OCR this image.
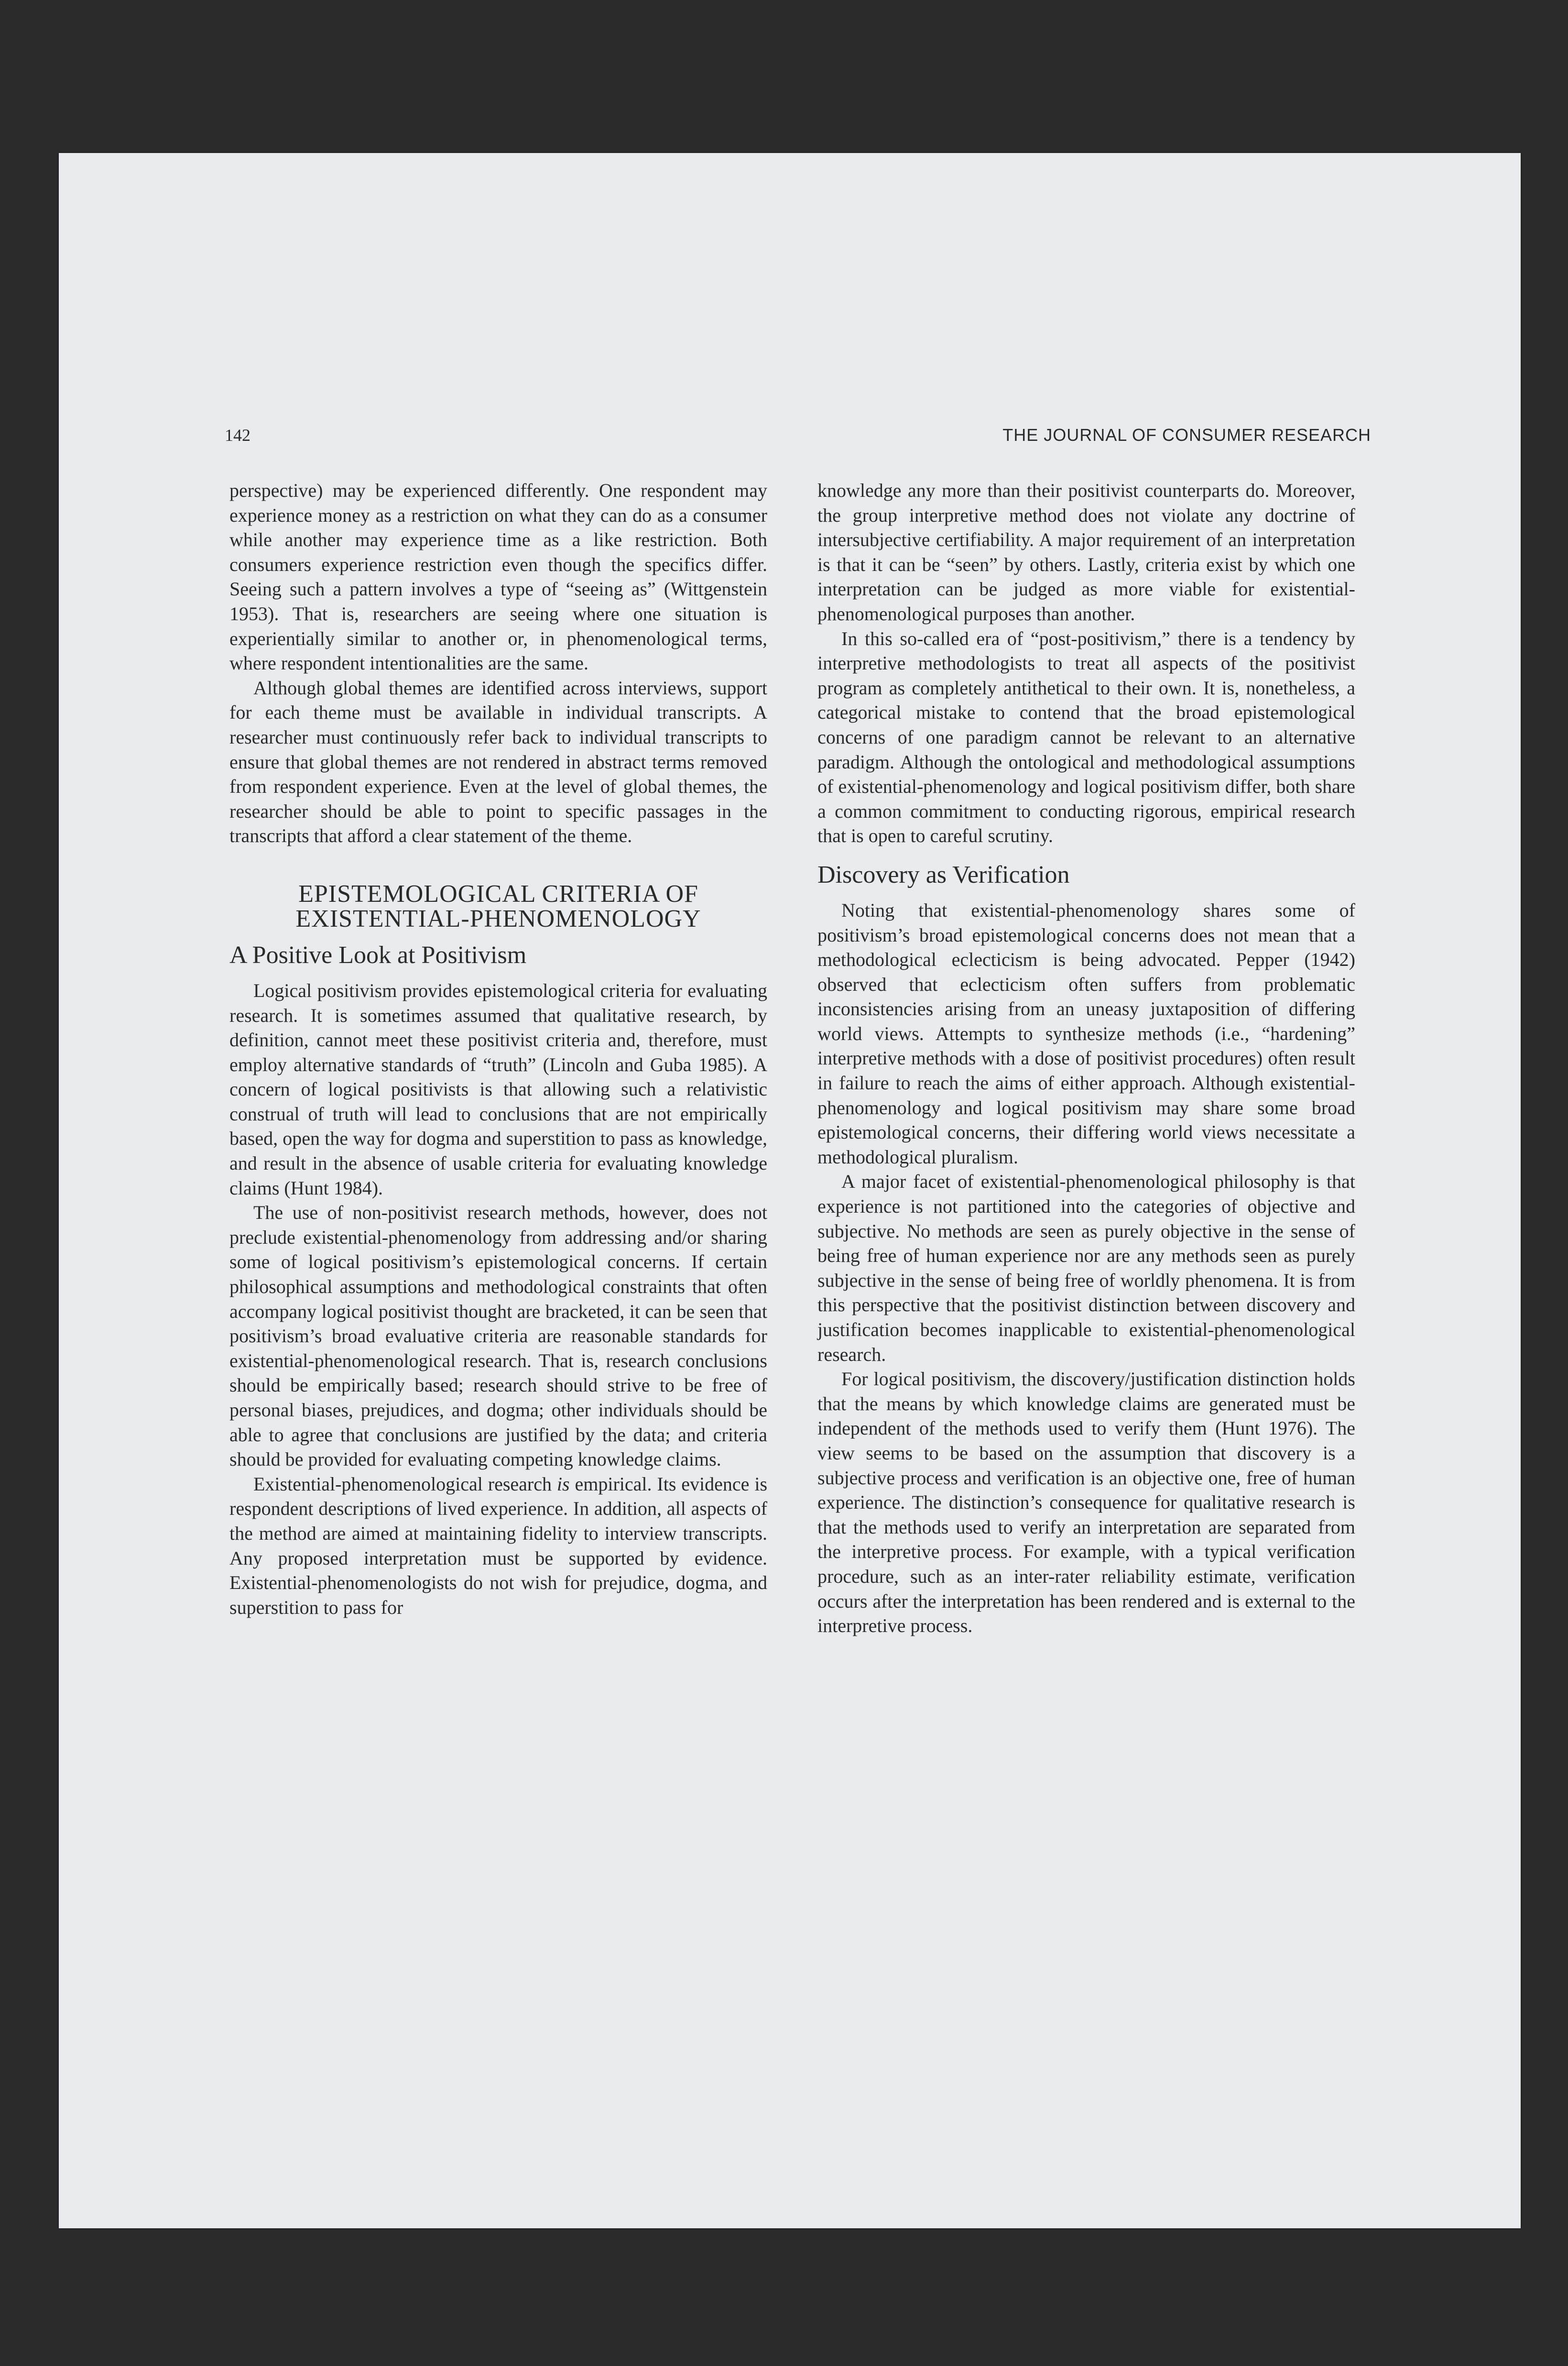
142	THE JOURNAL OF CONSUMER RESEARCH

perspective) may be experienced differently. One respondent may experience money as a restriction on what they can do as a consumer while another may experience time as a like restriction. Both consumers experience restriction even though the specifics differ. Seeing such a pattern involves a type of “seeing as” (Wittgenstein 1953). That is, researchers are seeing where one situation is experientially similar to another or, in phenomenological terms, where respondent intentionalities are the same.

Although global themes are identified across interviews, support for each theme must be available in individual transcripts. A researcher must continuously refer back to individual transcripts to ensure that global themes are not rendered in abstract terms removed from respondent experience. Even at the level of global themes, the researcher should be able to point to specific passages in the transcripts that afford a clear statement of the theme.

EPISTEMOLOGICAL CRITERIA OF
EXISTENTIAL-PHENOMENOLOGY
A Positive Look at Positivism

Logical positivism provides epistemological criteria for evaluating research. It is sometimes assumed that qualitative research, by definition, cannot meet these positivist criteria and, therefore, must employ alternative standards of “truth” (Lincoln and Guba 1985). A concern of logical positivists is that allowing such a relativistic construal of truth will lead to conclusions that are not empirically based, open the way for dogma and superstition to pass as knowledge, and result in the absence of usable criteria for evaluating knowledge claims (Hunt 1984).

The use of non-positivist research methods, however, does not preclude existential-phenomenology from addressing and/or sharing some of logical positivism’s epistemological concerns. If certain philosophical assumptions and methodological constraints that often accompany logical positivist thought are bracketed, it can be seen that positivism’s broad evaluative criteria are reasonable standards for existential-phenomenological research. That is, research conclusions should be empirically based; research should strive to be free of personal biases, prejudices, and dogma; other individuals should be able to agree that conclusions are justified by the data; and criteria should be provided for evaluating competing knowledge claims.

Existential-phenomenological research is empirical. Its evidence is respondent descriptions of lived experience. In addition, all aspects of the method are aimed at maintaining fidelity to interview transcripts. Any proposed interpretation must be supported by evidence. Existential-phenomenologists do not wish for prejudice, dogma, and superstition to pass for

knowledge any more than their positivist counterparts do. Moreover, the group interpretive method does not violate any doctrine of intersubjective certifiability. A major requirement of an interpretation is that it can be “seen” by others. Lastly, criteria exist by which one interpretation can be judged as more viable for existential-phenomenological purposes than another.

In this so-called era of “post-positivism,” there is a tendency by interpretive methodologists to treat all aspects of the positivist program as completely antithetical to their own. It is, nonetheless, a categorical mistake to contend that the broad epistemological concerns of one paradigm cannot be relevant to an alternative paradigm. Although the ontological and methodological assumptions of existential-phenomenology and logical positivism differ, both share a common commitment to conducting rigorous, empirical research that is open to careful scrutiny.

Discovery as Verification

Noting that existential-phenomenology shares some of positivism’s broad epistemological concerns does not mean that a methodological eclecticism is being advocated. Pepper (1942) observed that eclecticism often suffers from problematic inconsistencies arising from an uneasy juxtaposition of differing world views. Attempts to synthesize methods (i.e., “hardening” interpretive methods with a dose of positivist procedures) often result in failure to reach the aims of either approach. Although existential-phenomenology and logical positivism may share some broad epistemological concerns, their differing world views necessitate a methodological pluralism.

A major facet of existential-phenomenological philosophy is that experience is not partitioned into the categories of objective and subjective. No methods are seen as purely objective in the sense of being free of human experience nor are any methods seen as purely subjective in the sense of being free of worldly phenomena. It is from this perspective that the positivist distinction between discovery and justification becomes inapplicable to existential-phenomenological research.

For logical positivism, the discovery/justification distinction holds that the means by which knowledge claims are generated must be independent of the methods used to verify them (Hunt 1976). The view seems to be based on the assumption that discovery is a subjective process and verification is an objective one, free of human experience. The distinction’s consequence for qualitative research is that the methods used to verify an interpretation are separated from the interpretive process. For example, with a typical verification procedure, such as an inter-rater reliability estimate, verification occurs after the interpretation has been rendered and is external to the interpretive process.
